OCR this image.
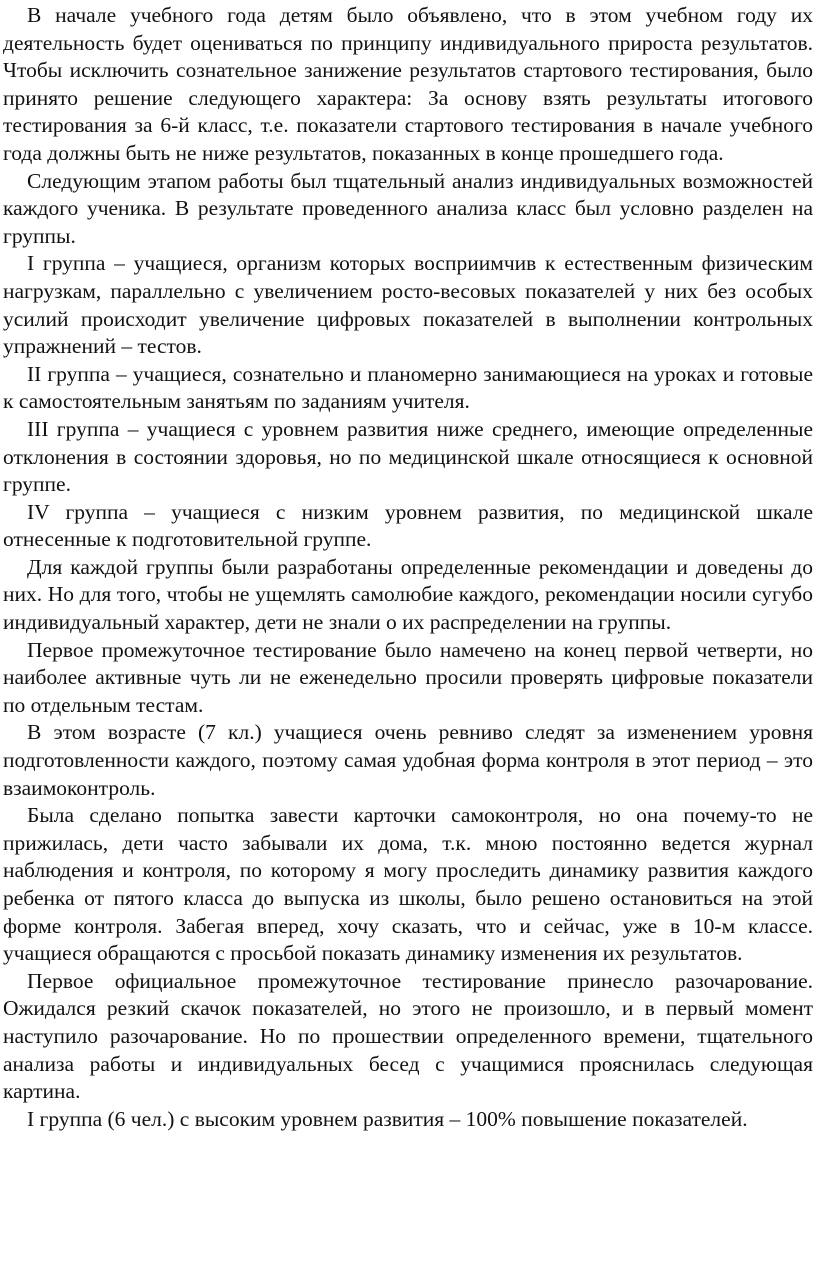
В начале учебного года детям было объявлено, что в этом учебном году их деятельность будет оцениваться по принципу индивидуального прироста результатов. Чтобы исключить сознательное занижение результатов стартового тестирования, было принято решение следующего характера: За основу взять результаты итогового тестирования за 6-й класс, т.е. показатели стартового тестирования в начале учебного года должны быть не ниже результатов, показанных в конце прошедшего года.

Следующим этапом работы был тщательный анализ индивидуальных возможностей каждого ученика. В результате проведенного анализа класс был условно разделен на группы.

I группа – учащиеся, организм которых восприимчив к естественным физическим нагрузкам, параллельно с увеличением росто-весовых показателей у них без особых усилий происходит увеличение цифровых показателей в выполнении контрольных упражнений – тестов.

II группа – учащиеся, сознательно и планомерно занимающиеся на уроках и готовые к самостоятельным занятьям по заданиям учителя.

III группа – учащиеся с уровнем развития ниже среднего, имеющие определенные отклонения в состоянии здоровья, но по медицинской шкале относящиеся к основной группе.

IV группа – учащиеся с низким уровнем развития, по медицинской шкале отнесенные к подготовительной группе.

Для каждой группы были разработаны определенные рекомендации и доведены до них. Но для того, чтобы не ущемлять самолюбие каждого, рекомендации носили сугубо индивидуальный характер, дети не знали о их распределении на группы.

Первое промежуточное тестирование было намечено на конец первой четверти, но наиболее активные чуть ли не еженедельно просили проверять цифровые показатели по отдельным тестам.

В этом возрасте (7 кл.) учащиеся очень ревниво следят за изменением уровня подготовленности каждого, поэтому самая удобная форма контроля в этот период – это взаимоконтроль.

Была сделано попытка завести карточки самоконтроля, но она почему-то не прижилась, дети часто забывали их дома, т.к. мною постоянно ведется журнал наблюдения и контроля, по которому я могу проследить динамику развития каждого ребенка от пятого класса до выпуска из школы, было решено остановиться на этой форме контроля. Забегая вперед, хочу сказать, что и сейчас, уже в 10-м классе. учащиеся обращаются с просьбой показать динамику изменения их результатов.

Первое официальное промежуточное тестирование принесло разочарование. Ожидался резкий скачок показателей, но этого не произошло, и в первый момент наступило разочарование. Но по прошествии определенного времени, тщательного анализа работы и индивидуальных бесед с учащимися прояснилась следующая картина.

I группа (6 чел.) с высоким уровнем развития – 100% повышение показателей.
